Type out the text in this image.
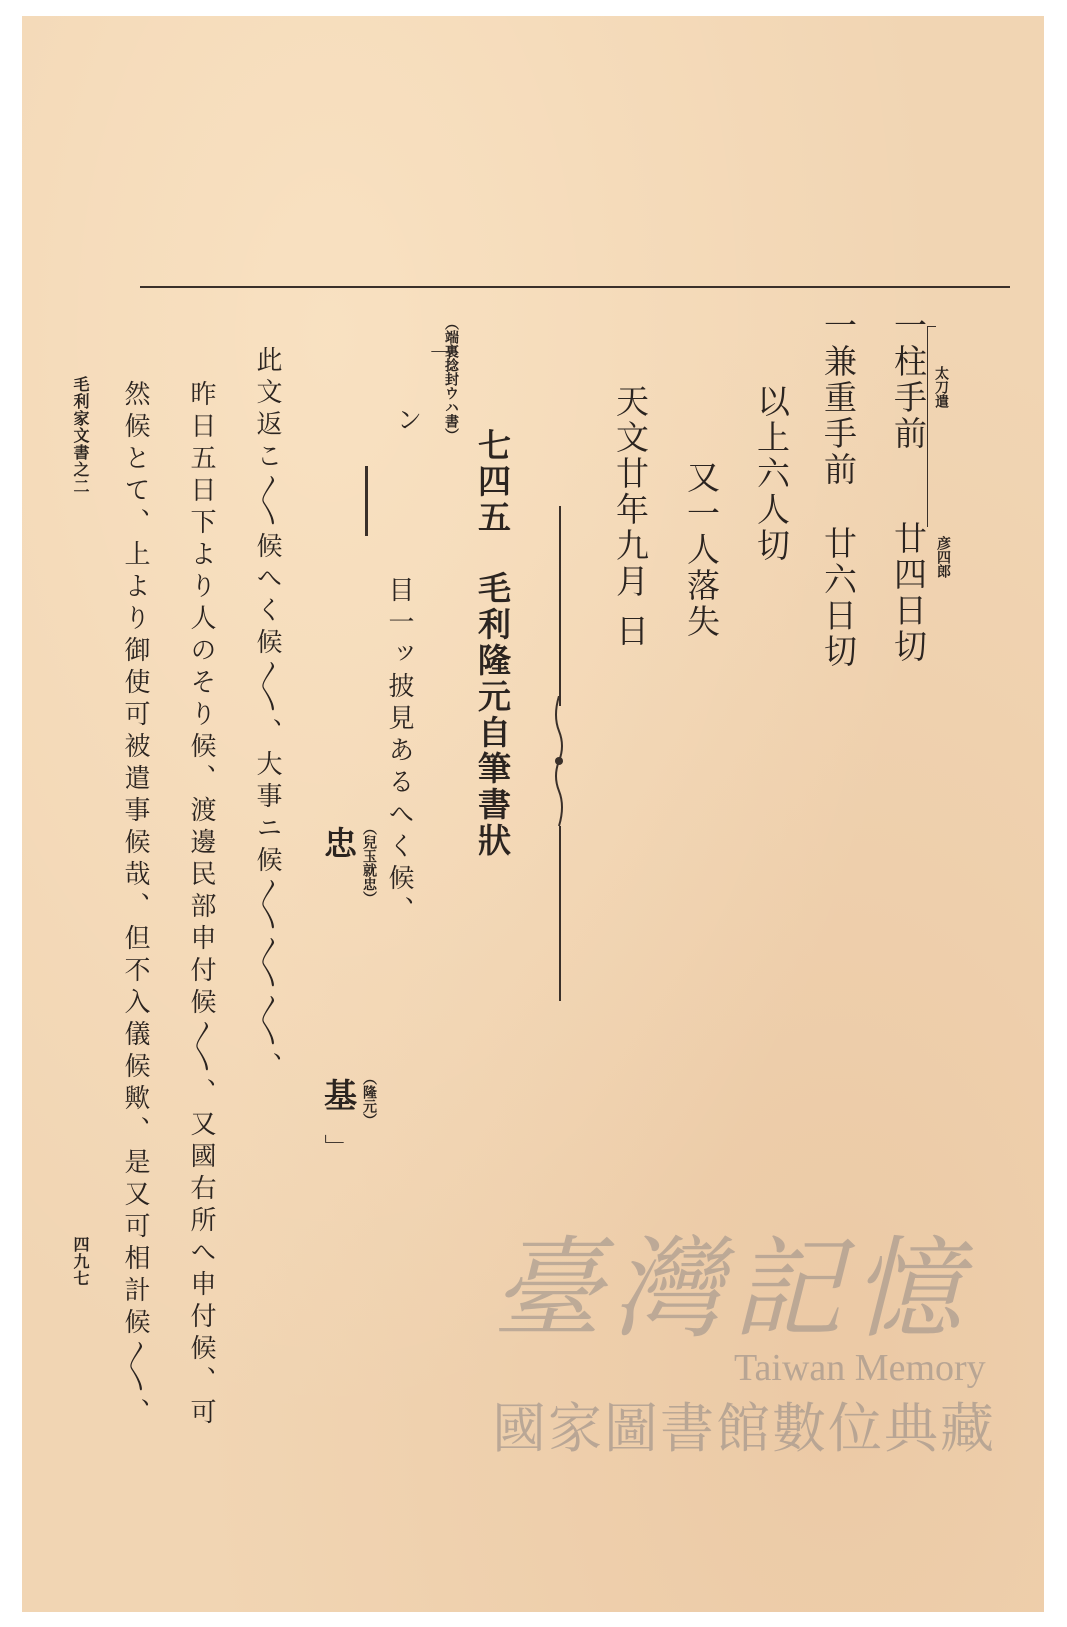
太刀遣
一柱手前
彦四郎
廿四日切
一兼重手前
廿六日切
以上六人切
又一人落失
天文廿年九月 日
七四五
毛利隆元自筆書狀
（端裏捻封ウハ書）
「
ン
目一ッ披見あるへく候、
（兒玉就忠）
忠
（隆元）
基
」
此文返こ〳〵候へく候〳〵、大事ニ候〳〵〳〵〳〵、
昨日五日下より人のそり候、渡邊民部申付候〳〵、又國右所へ申付候、可
然候とて、上より御使可被遣事候哉、但不入儀候歟、是又可相計候〳〵、
毛利家文書之二
四九七	臺灣記憶
Taiwan Memory
國家圖書館數位典藏
